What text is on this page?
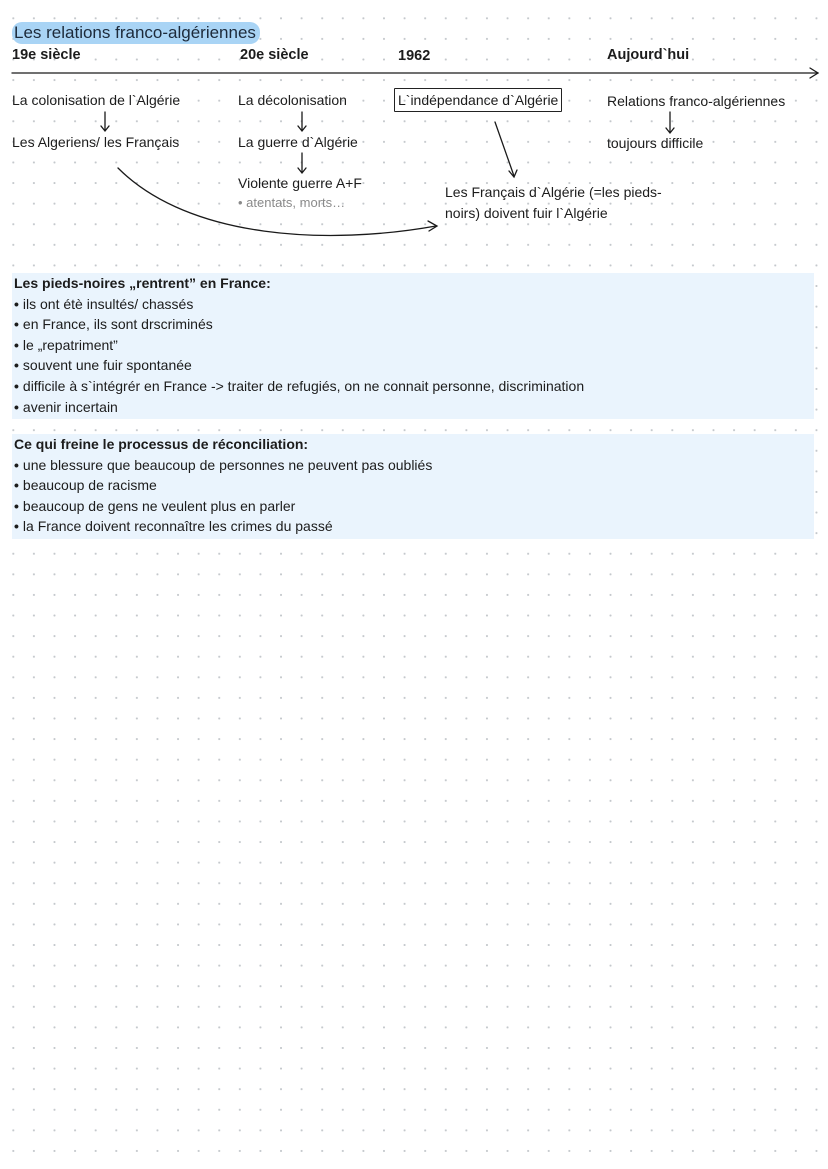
Les relations franco-algériennes
19e siècle	20e siècle	1962	Aujourd`hui
La colonisation de l`Algérie
Les Algeriens/ les Français
La décolonisation
La guerre d`Algérie
Violente guerre A+F
• atentats, morts…
L`indépendance d`Algérie
Les Français d`Algérie (=les pieds-noirs) doivent fuir l`Algérie
Relations franco-algériennes
toujours difficile
Les pieds-noires „rentrent” en France:
• ils ont étè insultés/ chassés
• en France, ils sont drscriminés
• le „repatriment”
• souvent une fuir spontanée
• difficile à s`intégrér en France -> traiter de refugiés, on ne connait personne, discrimination
• avenir incertain
Ce qui freine le processus de réconciliation:
• une blessure que beaucoup de personnes ne peuvent pas oubliés
• beaucoup de racisme
• beaucoup de gens ne veulent plus en parler
• la France doivent reconnaître les crimes du passé
